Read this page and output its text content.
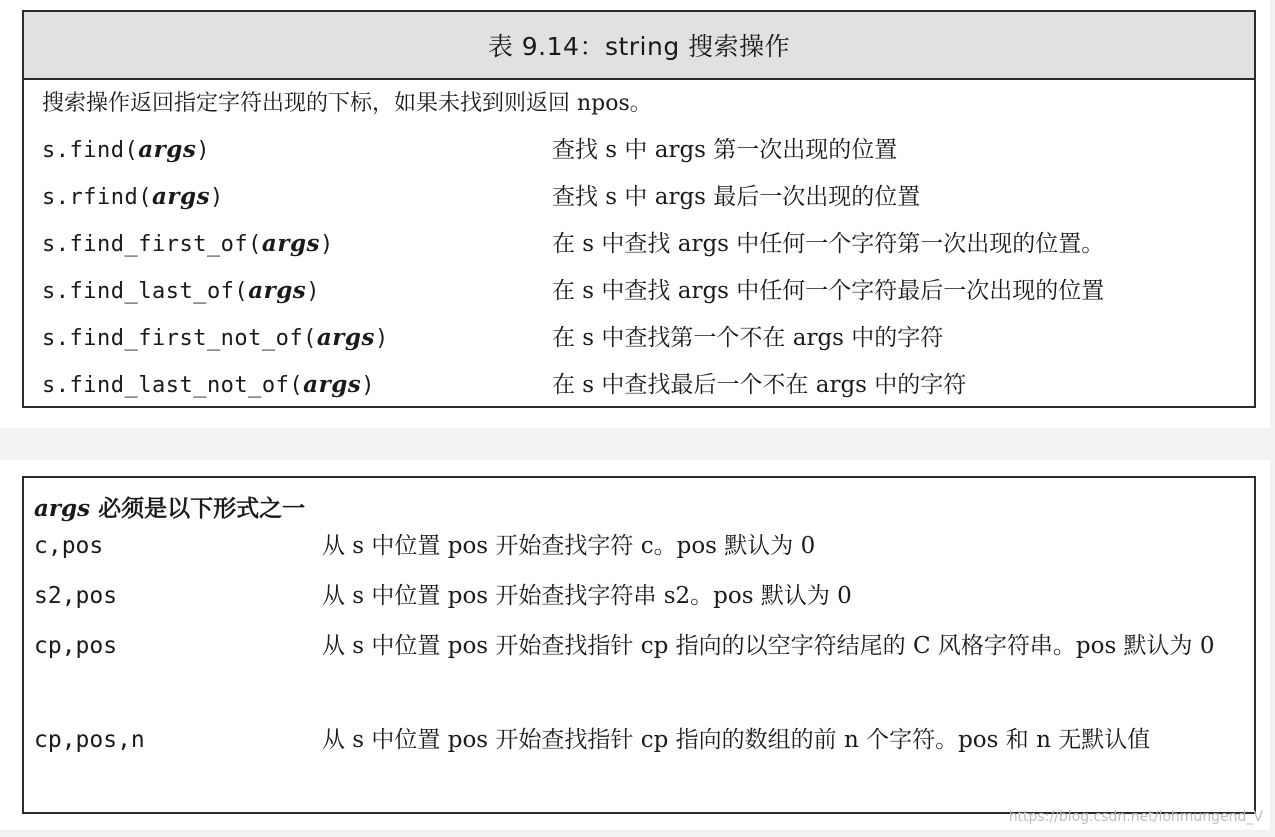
表 9.14：string 搜索操作
搜索操作返回指定字符出现的下标，如果未找到则返回 npos。
s.find(args)	查找 s 中 args 第一次出现的位置
s.rfind(args)	查找 s 中 args 最后一次出现的位置
s.find_first_of(args)	在 s 中查找 args 中任何一个字符第一次出现的位置。
s.find_last_of(args)	在 s 中查找 args 中任何一个字符最后一次出现的位置
s.find_first_not_of(args)	在 s 中查找第一个不在 args 中的字符
s.find_last_not_of(args)	在 s 中查找最后一个不在 args 中的字符
args 必须是以下形式之一
c,pos	从 s 中位置 pos 开始查找字符 c。pos 默认为 0
s2,pos	从 s 中位置 pos 开始查找字符串 s2。pos 默认为 0
cp,pos	从 s 中位置 pos 开始查找指针 cp 指向的以空字符结尾的 C 风格字符串。pos 默认为 0
cp,pos,n	从 s 中位置 pos 开始查找指针 cp 指向的数组的前 n 个字符。pos 和 n 无默认值
https://blog.csdn.net/lohmungend_V
